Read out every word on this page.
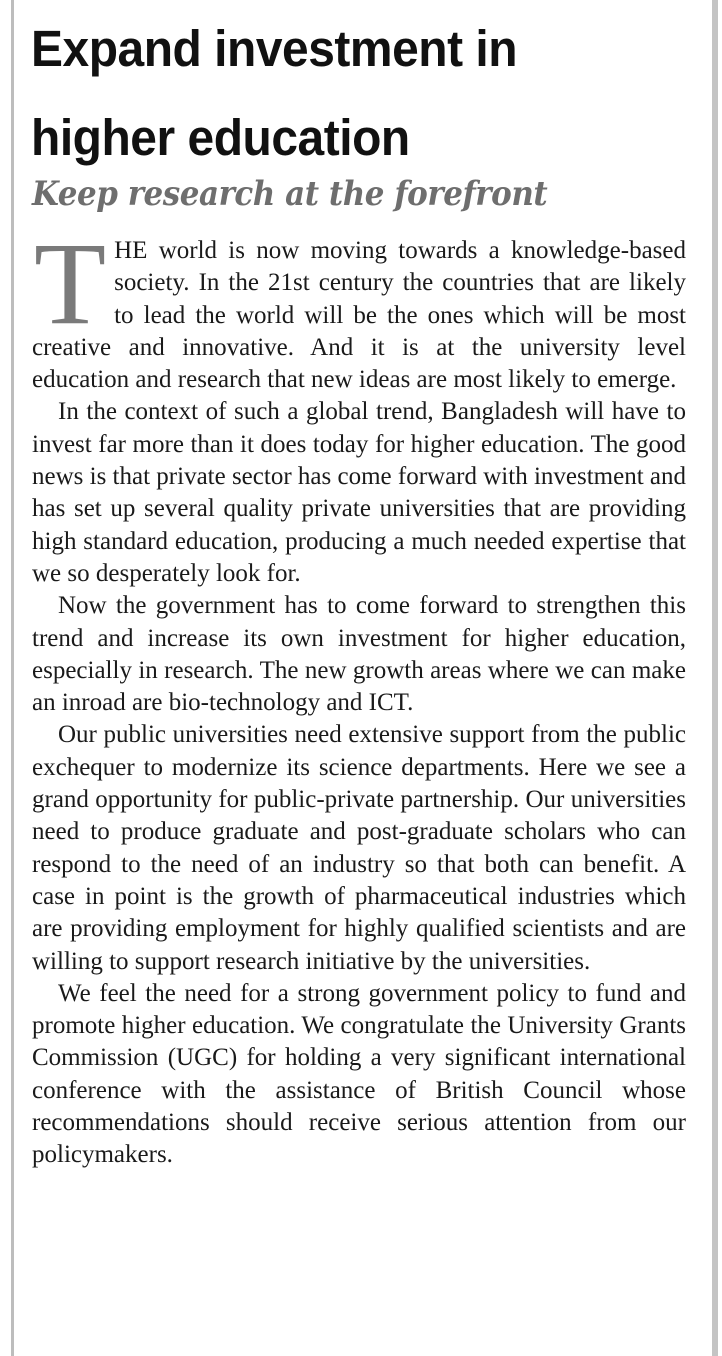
Expand investment in higher education
Keep research at the forefront

THE world is now moving towards a knowledge-based society. In the 21st century the countries that are likely to lead the world will be the ones which will be most creative and innovative. And it is at the university level education and research that new ideas are most likely to emerge.

In the context of such a global trend, Bangladesh will have to invest far more than it does today for higher education. The good news is that private sector has come forward with investment and has set up several quality private universities that are providing high standard education, producing a much needed expertise that we so desperately look for.

Now the government has to come forward to strengthen this trend and increase its own investment for higher education, especially in research. The new growth areas where we can make an inroad are bio-technology and ICT.

Our public universities need extensive support from the public exchequer to modernize its science departments. Here we see a grand opportunity for public-private partnership. Our universities need to produce graduate and post-graduate scholars who can respond to the need of an industry so that both can benefit. A case in point is the growth of pharmaceutical industries which are providing employment for highly qualified scientists and are willing to support research initiative by the universities.

We feel the need for a strong government policy to fund and promote higher education. We congratulate the University Grants Commission (UGC) for holding a very significant international conference with the assistance of British Council whose recommendations should receive serious attention from our policymakers.
